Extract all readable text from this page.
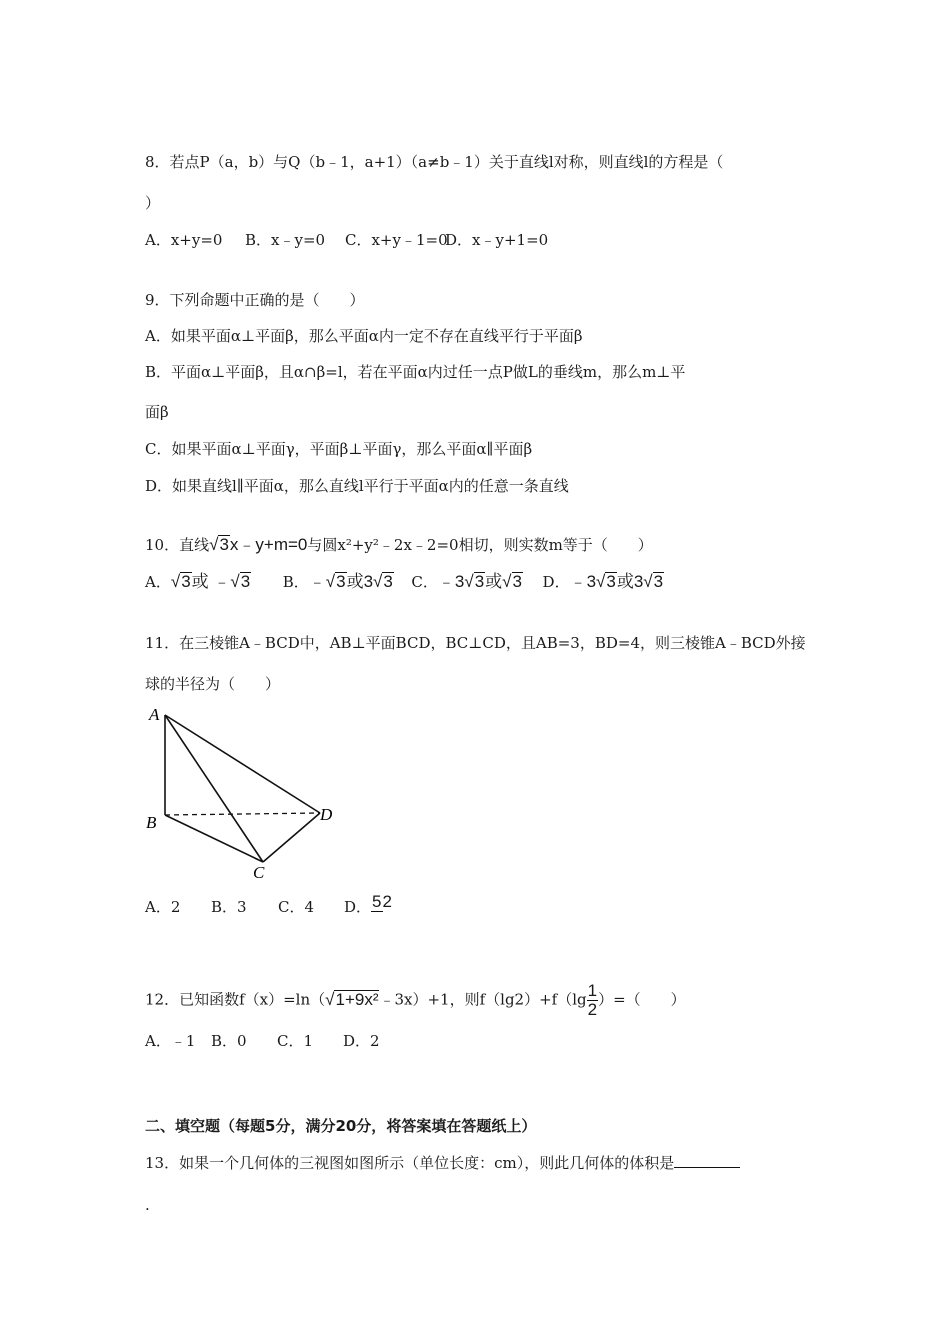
8．若点P（a，b）与Q（b﹣1，a+1）（a≠b﹣1）关于直线l对称，则直线l的方程是（
）
A．x+y=0 B．x﹣y=0 C．x+y﹣1=0D．x﹣y+1=0
9．下列命题中正确的是（　　）
A．如果平面α⊥平面β，那么平面α内一定不存在直线平行于平面β
B．平面α⊥平面β，且α∩β=l，若在平面α内过任一点P做L的垂线m，那么m⊥平
面β
C．如果平面α⊥平面γ，平面β⊥平面γ，那么平面α∥平面β
D．如果直线l∥平面α，那么直线l平行于平面α内的任意一条直线
10．直线√3x﹣y+m=0与圆x²+y²﹣2x﹣2=0相切，则实数m等于（　　）
A．√3或 ﹣√3 B．﹣√3或3√3 C．﹣3√3或√3 D．﹣3√3或3√3
11．在三棱锥A﹣BCD中，AB⊥平面BCD，BC⊥CD，且AB=3，BD=4，则三棱锥A﹣BCD外接
球的半径为（　　）
A
B
C
D
A．2 B．3 C．4 D．52
12．已知函数f（x）=ln（√1+9x²﹣3x）+1，则$f(\lg 2)+f(\lg \frac{1}{2}$ ）=（　　）
A．﹣1 B．0 C．1 D．2
二、填空题（每题5分，满分20分，将答案填在答题纸上）
13．如果一个几何体的三视图如图所示（单位长度：cm），则此几何体的体积是
.
